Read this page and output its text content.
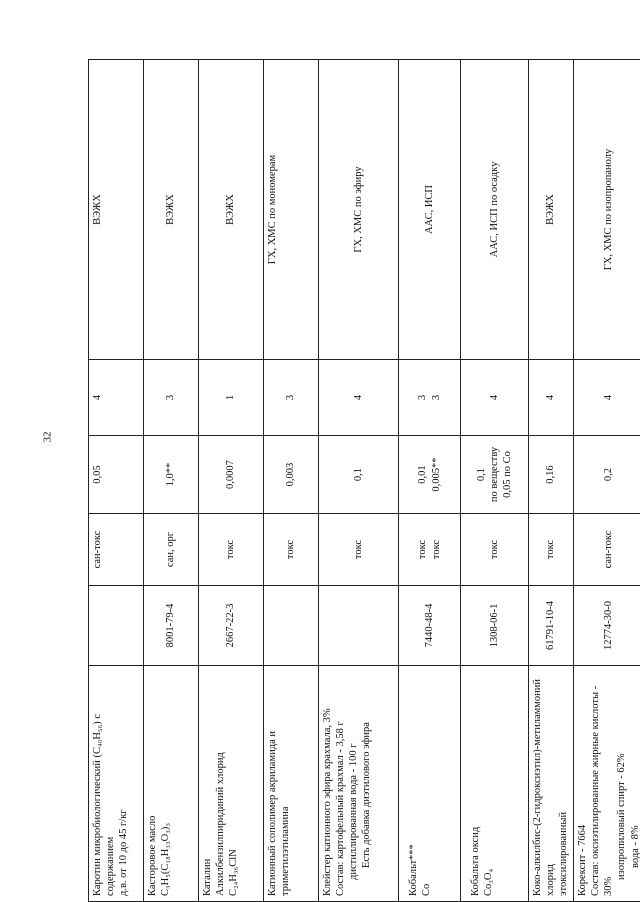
32
Каротин микробиологический (C₄₀H₅₆) с содержанием д.в. от 10 до 45 г/кг		сан-токс	0,05	4	ВЭЖХ

Касторовое масло C₃H₅(C₁₈H₃₃O₃)₃	8001-79-4	сан, орг	1,0**	3	ВЭЖХ

Каталин Алкилбензилпиридиний хлорид C₂₄H₃₆ClN	2667-22-3	токс	0,0007	1	ВЭЖХ

Катионный сополимер акриламида и триметилэтиламина		токс	0,003	3	ГХ, ХМС по мономерам

Клейстер катионного эфира крахмала, 3% Состав: картофельный крахмал - 3,58 г дистиллированная вода - 100 г Есть добавка диэтилового эфира		токс	0,1	4	ГХ, ХМС по эфиру

Кобальт*** Co	7440-48-4	токс токс	0,01 0,005**	3 3	ААС, ИСП

Кобальта оксид Co₃O₄	1308-06-1	токс	0,1 по веществу 0,05 по Co	4	ААС, ИСП по осадку

Коко-алкилбис-(2-гидроксиэтил)-метиламмоний хлорид этоксилированный	61791-10-4	токс	0,16	4	ВЭЖХ

Корексит - 7664 Состав: оксиэтилированные жирные кислоты - 30%
изопропиловый спирт - 62% вода - 8%	12774-30-0	сан-токс	0,2	4	ГХ, ХМС по изопропанолу
